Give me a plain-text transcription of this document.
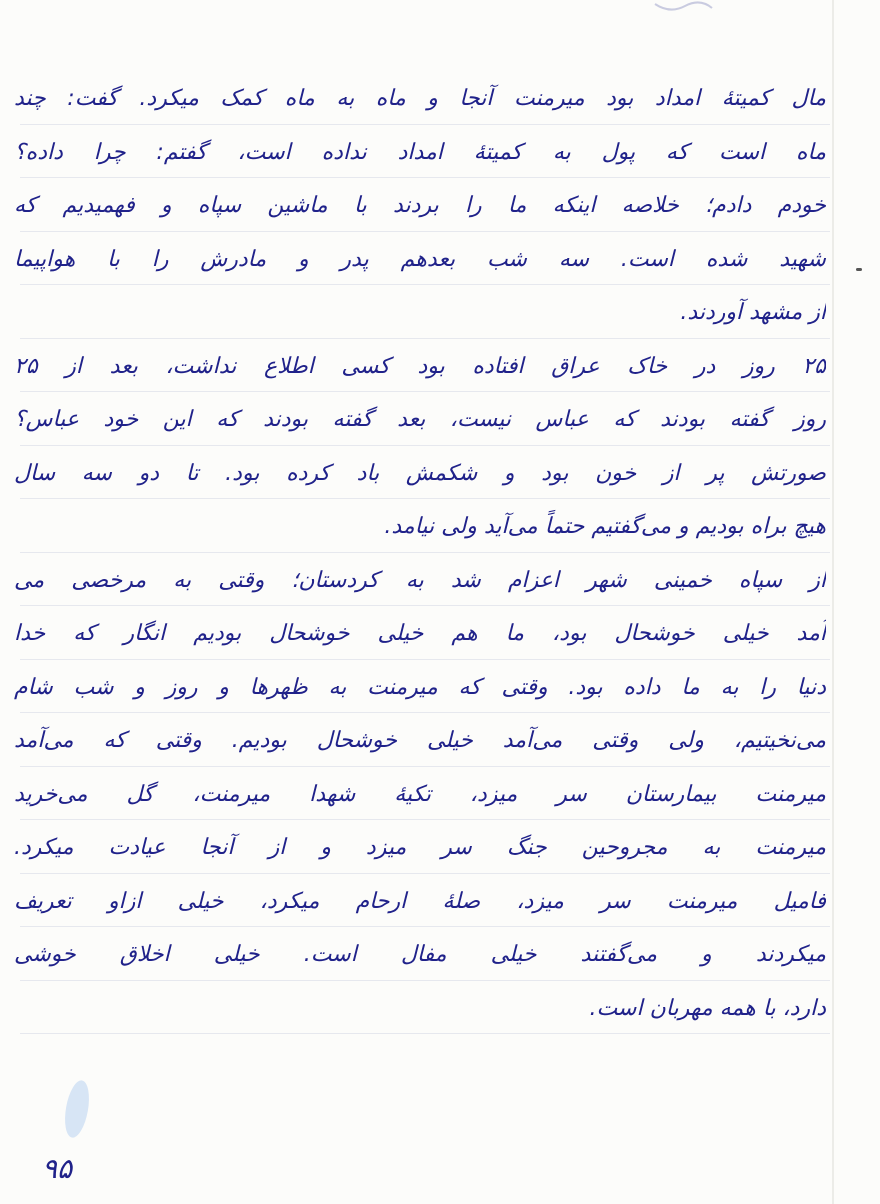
مال کمیتهٔ امداد بود میرمنت آنجا و ماه به ماه کمک میکرد. گفت: چند
ماه است که پول به کمیتهٔ امداد نداده است، گفتم: چرا داده؟
خودم دادم؛ خلاصه اینکه ما را بردند با ماشین سپاه و فهمیدیم که
شهید شده است. سه شب بعدهم پدر و مادرش را با هواپیما
از مشهد آوردند.
۲۵ روز در خاک عراق افتاده بود کسی اطلاع نداشت، بعد از ۲۵
روز گفته بودند که عباس نیست، بعد گفته بودند که این خود عباس؟
صورتش پر از خون بود و شکمش باد کرده بود. تا دو سه سال
هیچ براه بودیم و می‌گفتیم حتماً می‌آید ولی نیامد.
از سپاه خمینی شهر اعزام شد به کردستان؛ وقتی به مرخصی می‌
آمد خیلی خوشحال بود، ما هم خیلی خوشحال بودیم انگار که خدا
دنیا را به ما داده بود. وقتی که میرمنت به ظهرها و روز و شب شام
می‌نخیتیم، ولی وقتی می‌آمد خیلی خوشحال بودیم. وقتی که می‌آمد
میرمنت بیمارستان سر میزد، تکیهٔ شهدا میرمنت، گل می‌خرید
میرمنت به مجروحین جنگ سر میزد و از آنجا عیادت میکرد.
فامیل میرمنت سر میزد، صلهٔ ارحام میکرد، خیلی ازاو تعریف
میکردند و می‌گفتند خیلی مفال است. خیلی اخلاق خوشی
دارد، با همه مهربان است.
۹۵
